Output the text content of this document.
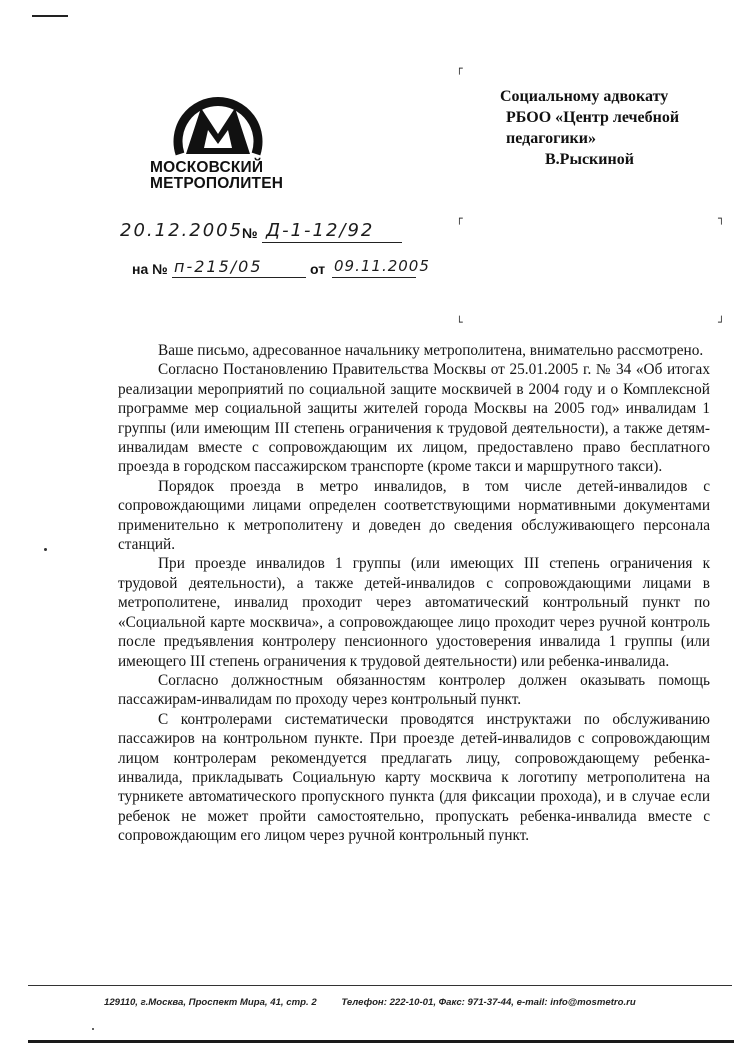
┌
┌	┐
└	┘
МОСКОВСКИЙ
МЕТРОПОЛИТЕН
Социальному адвокату
РБОО «Центр лечебной
педагогики»
В.Рыскиной
20.12.2005
№ Д-1-12/92
на № п-215/05	от 09.11.2005

Ваше письмо, адресованное начальнику метрополитена, внимательно рассмотрено.

Согласно Постановлению Правительства Москвы от 25.01.2005 г. № 34 «Об итогах реализации мероприятий по социальной защите москвичей в 2004 году и о Комплексной программе мер социальной защиты жителей города Москвы на 2005 год» инвалидам 1 группы (или имеющим III степень ограничения к трудовой деятельности), а также детям-инвалидам вместе с сопровождающим их лицом, предоставлено право бесплатного проезда в городском пассажирском транспорте (кроме такси и маршрутного такси).

Порядок проезда в метро инвалидов, в том числе детей-инвалидов с сопровождающими лицами определен соответствующими нормативными документами применительно к метрополитену и доведен до сведения обслуживающего персонала станций.

При проезде инвалидов 1 группы (или имеющих III степень ограничения к трудовой деятельности), а также детей-инвалидов с сопровождающими лицами в метрополитене, инвалид проходит через автоматический контрольный пункт по «Социальной карте москвича», а сопровождающее лицо проходит через ручной контроль после предъявления контролеру пенсионного удостоверения инвалида 1 группы (или имеющего III степень ограничения к трудовой деятельности) или ребенка-инвалида.

Согласно должностным обязанностям контролер должен оказывать помощь пассажирам-инвалидам по проходу через контрольный пункт.

С контролерами систематически проводятся инструктажи по обслуживанию пассажиров на контрольном пункте. При проезде детей-инвалидов с сопровождающим лицом контролерам рекомендуется предлагать лицу, сопровождающему ребенка-инвалида, прикладывать Социальную карту москвича к логотипу метрополитена на турникете автоматического пропускного пункта (для фиксации прохода), и в случае если ребенок не может пройти самостоятельно, пропускать ребенка-инвалида вместе с сопровождающим его лицом через ручной контрольный пункт.

129110, г.Москва, Проспект Мира, 41, стр. 2	Телефон: 222-10-01, Факс: 971-37-44, e-mail: info@mosmetro.ru
